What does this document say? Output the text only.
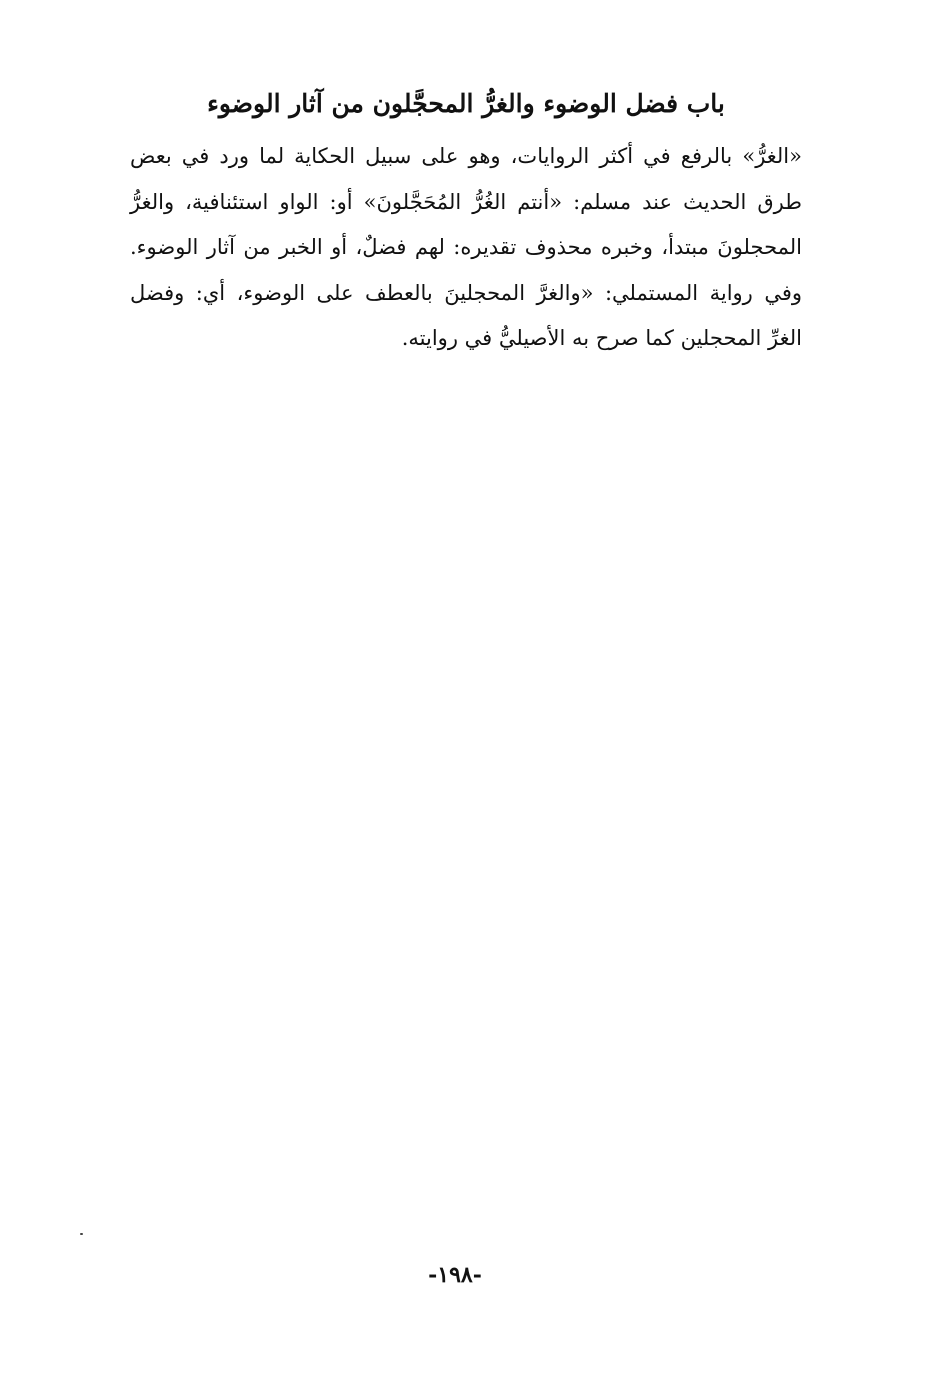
باب فضل الوضوء والغرُّ المحجَّلون من آثار الوضوء
«الغرُّ» بالرفع في أكثر الروايات، وهو على سبيل الحكاية لما ورد في بعض
طرق الحديث عند مسلم: «أنتم الغُرُّ المُحَجَّلونَ» أو: الواو استئنافية، والغرُّ
المحجلونَ مبتدأ، وخبره محذوف تقديره: لهم فضلٌ، أو الخبر من آثار الوضوء.
وفي رواية المستملي: «والغرَّ المحجلينَ بالعطف على الوضوء، أي: وفضل
الغرِّ المحجلين كما صرح به الأصيليُّ في روايته.
-١٩٨-
